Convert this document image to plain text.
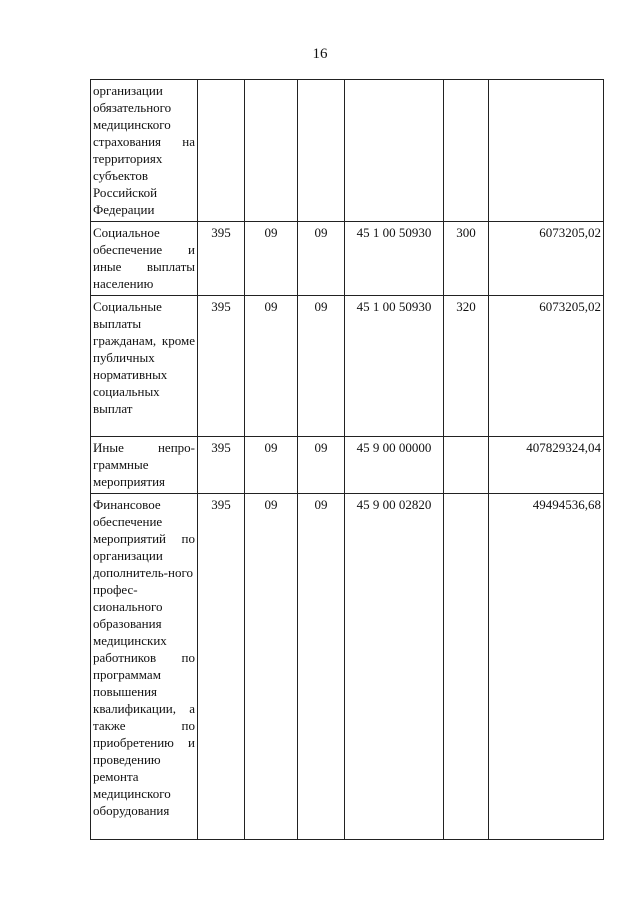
16
организации обязательного медицинского страхования на территориях субъектов Российской Федерации						
Социальное обеспечение и иные выплаты населению	395	09	09	45 1 00 50930	300	6073205,02
Социальные выплаты гражданам, кроме публичных нормативных социальных выплат	395	09	09	45 1 00 50930	320	6073205,02
Иные непро-граммные мероприятия	395	09	09	45 9 00 00000		407829324,04
Финансовое обеспечение мероприятий по организации дополнитель-ного профес-сионального образования медицинских работников по программам повышения квалификации, а также по приобретению и проведению ремонта медицинского оборудования	395	09	09	45 9 00 02820		49494536,68
